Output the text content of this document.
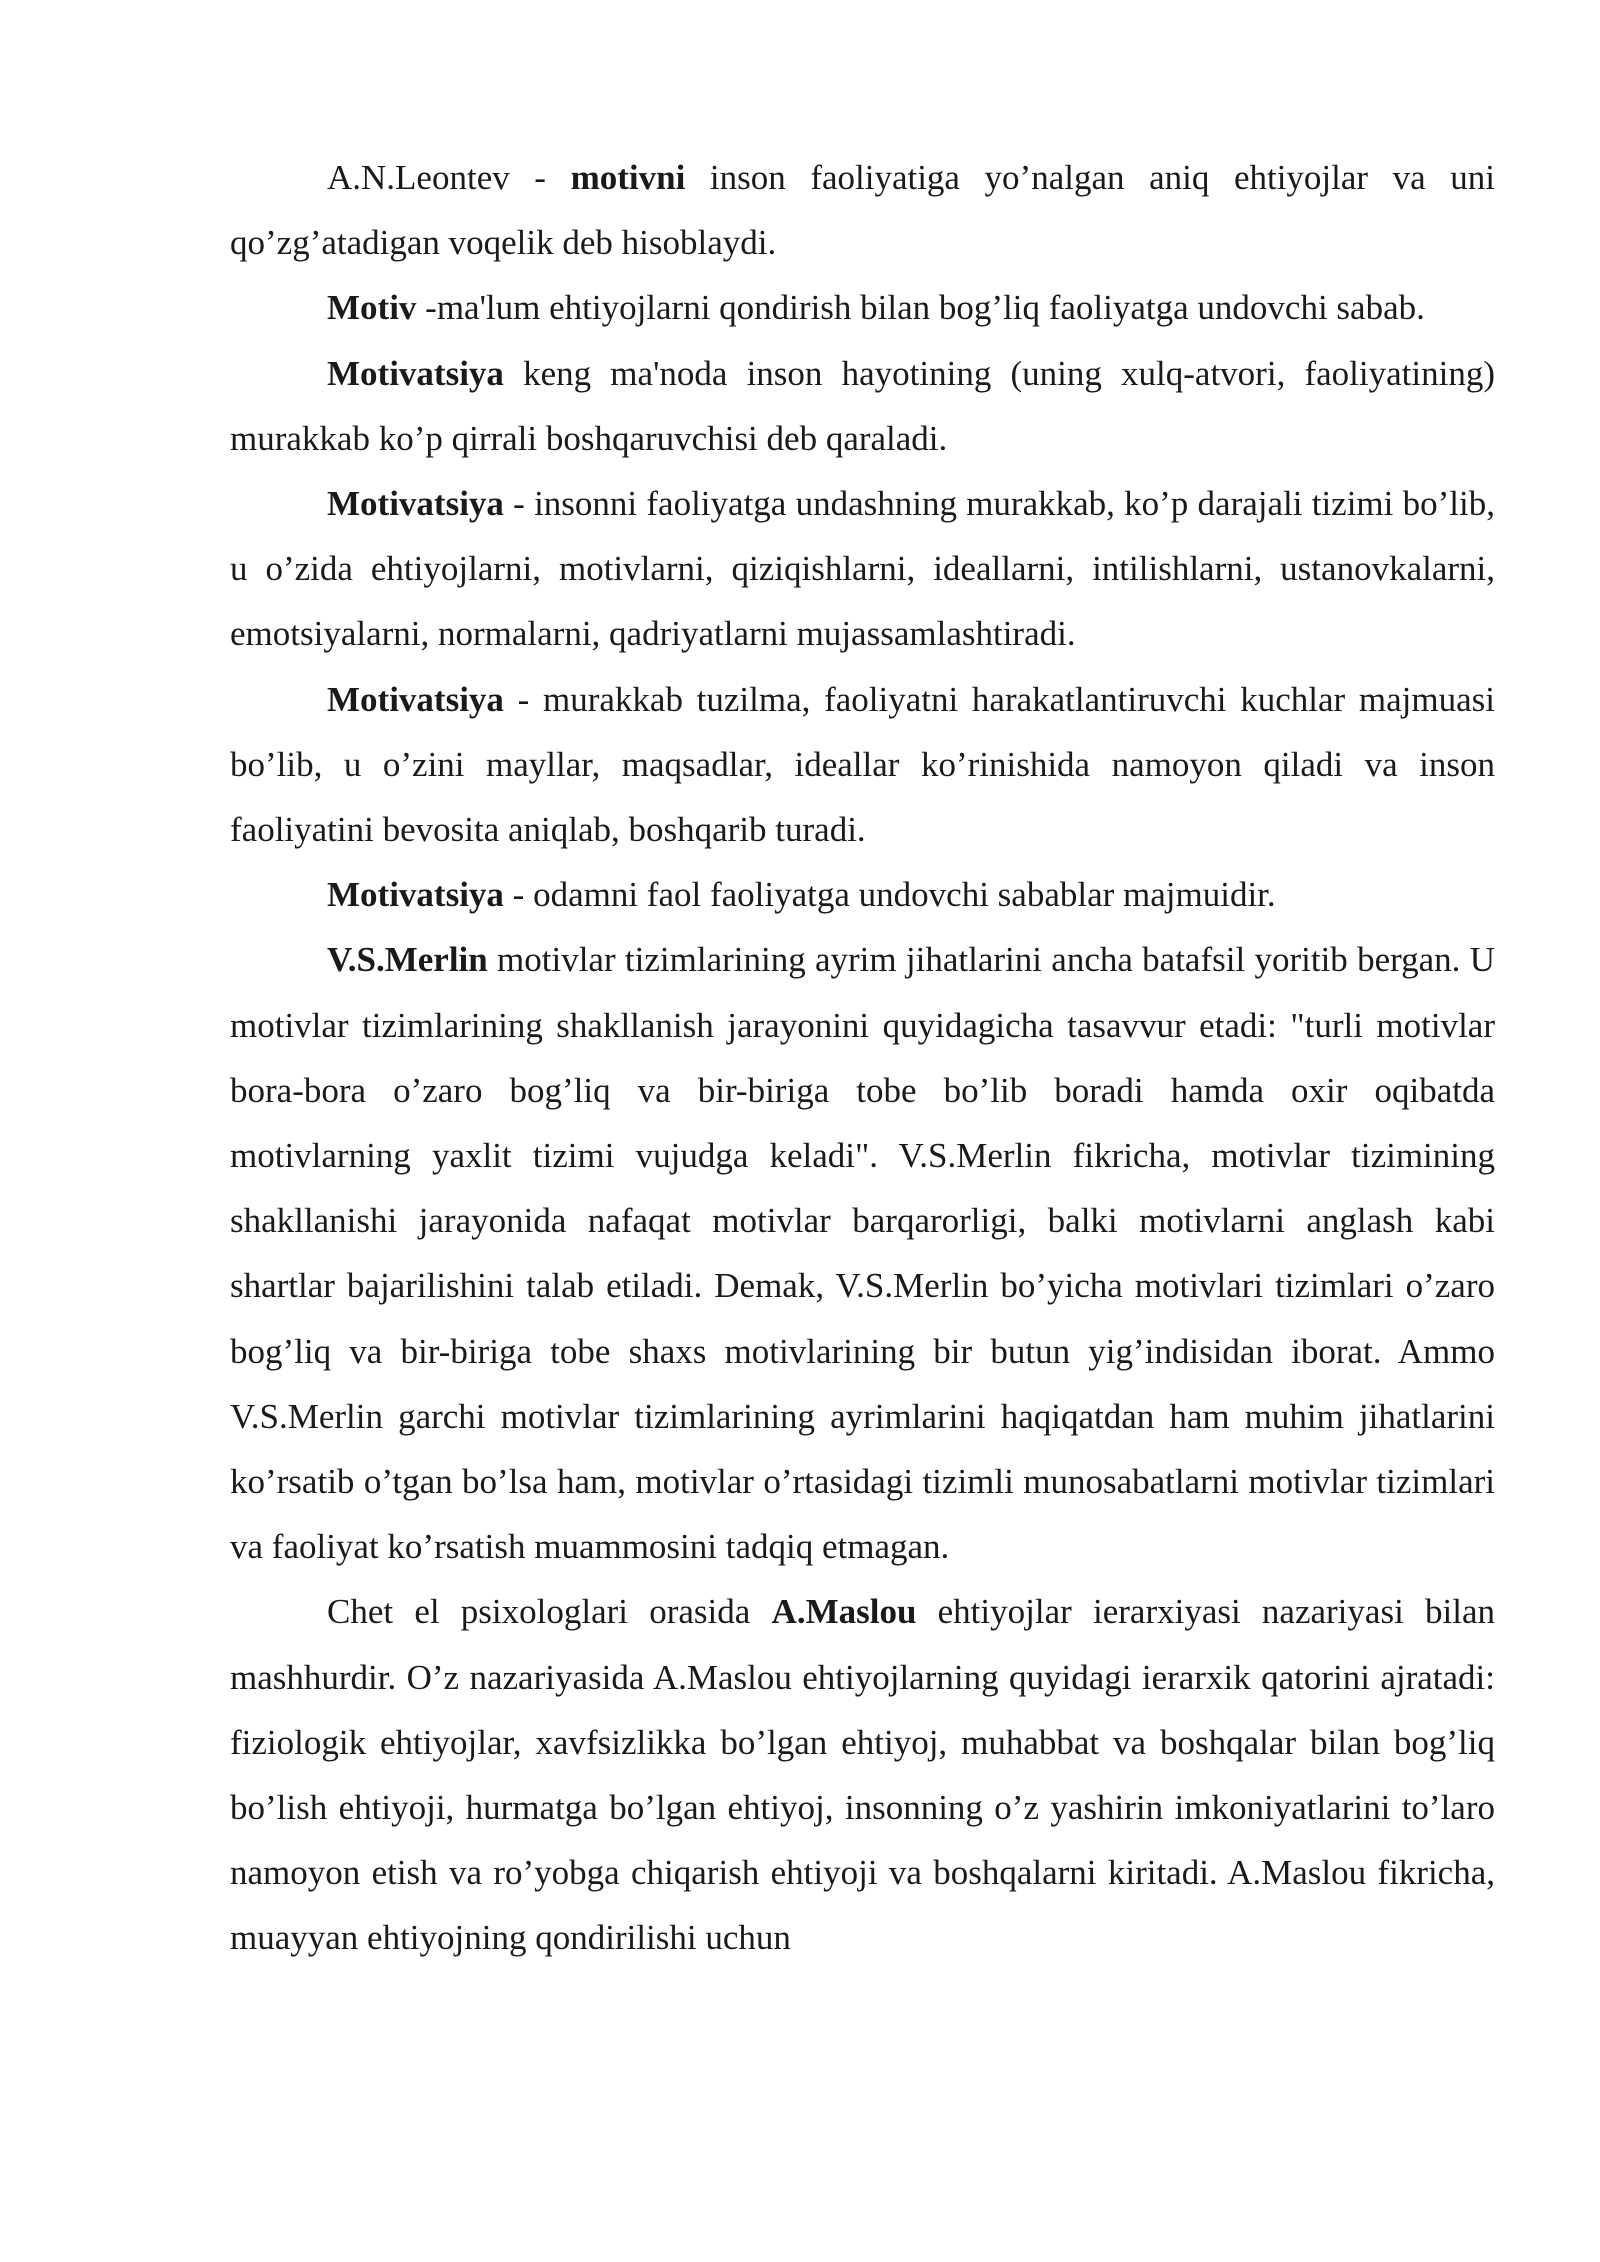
A.N.Leontev - motivni inson faoliyatiga yo’nalgan aniq ehtiyojlar va uni qo’zg’atadigan voqelik deb hisoblaydi.

Motiv -ma'lum ehtiyojlarni qondirish bilan bog’liq faoliyatga undovchi sabab.

Motivatsiya keng ma'noda inson hayotining (uning xulq-atvori, faoliyatining) murakkab ko’p qirrali boshqaruvchisi deb qaraladi.

Motivatsiya - insonni faoliyatga undashning murakkab, ko’p darajali tizimi bo’lib, u o’zida ehtiyojlarni, motivlarni, qiziqishlarni, ideallarni, intilishlarni, ustanovkalarni, emotsiyalarni, normalarni, qadriyatlarni mujassamlashtiradi.

Motivatsiya - murakkab tuzilma, faoliyatni harakatlantiruvchi kuchlar majmuasi bo’lib, u o’zini mayllar, maqsadlar, ideallar ko’rinishida namoyon qiladi va inson faoliyatini bevosita aniqlab, boshqarib turadi.

Motivatsiya - odamni faol faoliyatga undovchi sabablar majmuidir.

V.S.Merlin motivlar tizimlarining ayrim jihatlarini ancha batafsil yoritib bergan. U motivlar tizimlarining shakllanish jarayonini quyidagicha tasavvur etadi: "turli motivlar bora-bora o’zaro bog’liq va bir-biriga tobe bo’lib boradi hamda oxir oqibatda motivlarning yaxlit tizimi vujudga keladi". V.S.Merlin fikricha, motivlar tizimining shakllanishi jarayonida nafaqat motivlar barqarorligi, balki motivlarni anglash kabi shartlar bajarilishini talab etiladi. Demak, V.S.Merlin bo’yicha motivlari tizimlari o’zaro bog’liq va bir-biriga tobe shaxs motivlarining bir butun yig’indisidan iborat. Ammo V.S.Merlin garchi motivlar tizimlarining ayrimlarini haqiqatdan ham muhim jihatlarini ko’rsatib o’tgan bo’lsa ham, motivlar o’rtasidagi tizimli munosabatlarni motivlar tizimlari va faoliyat ko’rsatish muammosini tadqiq etmagan.

Chet el psixologlari orasida A.Maslou ehtiyojlar ierarxiyasi nazariyasi bilan mashhurdir. O’z nazariyasida A.Maslou ehtiyojlarning quyidagi ierarxik qatorini ajratadi: fiziologik ehtiyojlar, xavfsizlikka bo’lgan ehtiyoj, muhabbat va boshqalar bilan bog’liq bo’lish ehtiyoji, hurmatga bo’lgan ehtiyoj, insonning o’z yashirin imkoniyatlarini to’laro namoyon etish va ro’yobga chiqarish ehtiyoji va boshqalarni kiritadi. A.Maslou fikricha, muayyan ehtiyojning qondirilishi uchun
